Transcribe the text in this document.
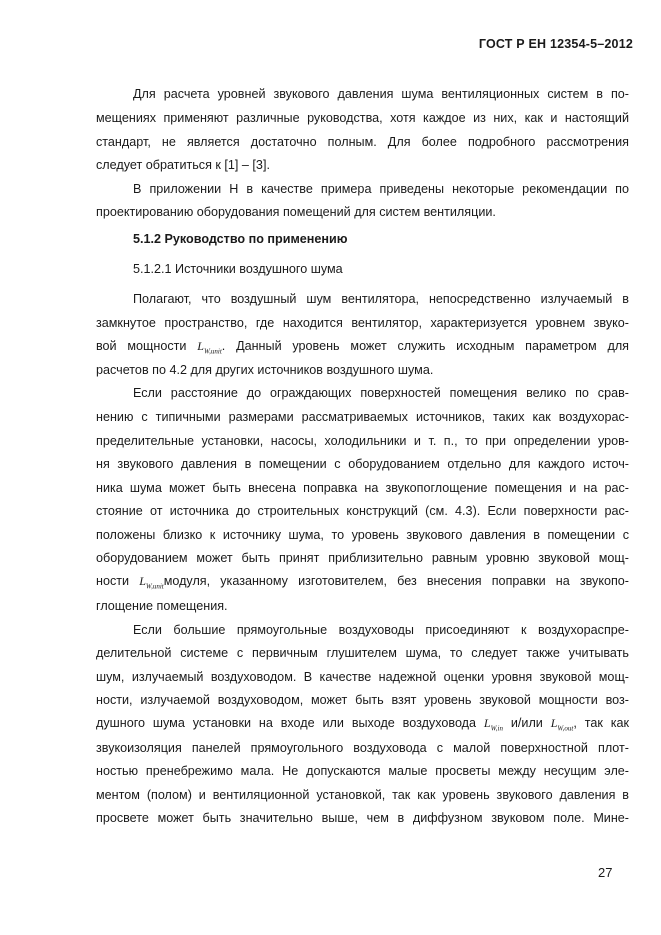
ГОСТ Р ЕН 12354-5–2012
Для расчета уровней звукового давления шума вентиляционных систем в по-
мещениях применяют различные руководства, хотя каждое из них, как и настоящий
стандарт, не является достаточно полным. Для более подробного рассмотрения
следует обратиться к [1] – [3].
В приложении Н в качестве примера приведены некоторые рекомендации по
проектированию оборудования помещений для систем вентиляции.
5.1.2 Руководство по применению
5.1.2.1 Источники воздушного шума
Полагают, что воздушный шум вентилятора, непосредственно излучаемый в
замкнутое пространство, где находится вентилятор, характеризуется уровнем звуко-
вой мощности $L_{W,unit}$. Данный уровень может служить исходным параметром для
расчетов по 4.2 для других источников воздушного шума.
Если расстояние до ограждающих поверхностей помещения велико по срав-
нению с типичными размерами рассматриваемых источников, таких как воздухорас-
пределительные установки, насосы, холодильники и т. п., то при определении уров-
ня звукового давления в помещении с оборудованием отдельно для каждого источ-
ника шума может быть внесена поправка на звукопоглощение помещения и на рас-
стояние от источника до строительных конструкций (см. 4.3). Если поверхности рас-
положены близко к источнику шума, то уровень звукового давления в помещении с
оборудованием может быть принят приблизительно равным уровню звуковой мощ-
ности $L_{W,unit}модуля$, указанному изготовителем, без внесения поправки на звукопо-
глощение помещения.
Если большие прямоугольные воздуховоды присоединяют к воздухораспре-
делительной системе с первичным глушителем шума, то следует также учитывать
шум, излучаемый воздуховодом. В качестве надежной оценки уровня звуковой мощ-
ности, излучаемой воздуховодом, может быть взят уровень звуковой мощности воз-
душного шума установки на входе или выходе воздуховода $L_{W,in}$ и/или $L_{W,out}$, так как
звукоизоляция панелей прямоугольного воздуховода с малой поверхностной плот-
ностью пренебрежимо мала. Не допускаются малые просветы между несущим эле-
ментом (полом) и вентиляционной установкой, так как уровень звукового давления в
просвете может быть значительно выше, чем в диффузном звуковом поле. Мине-
27
